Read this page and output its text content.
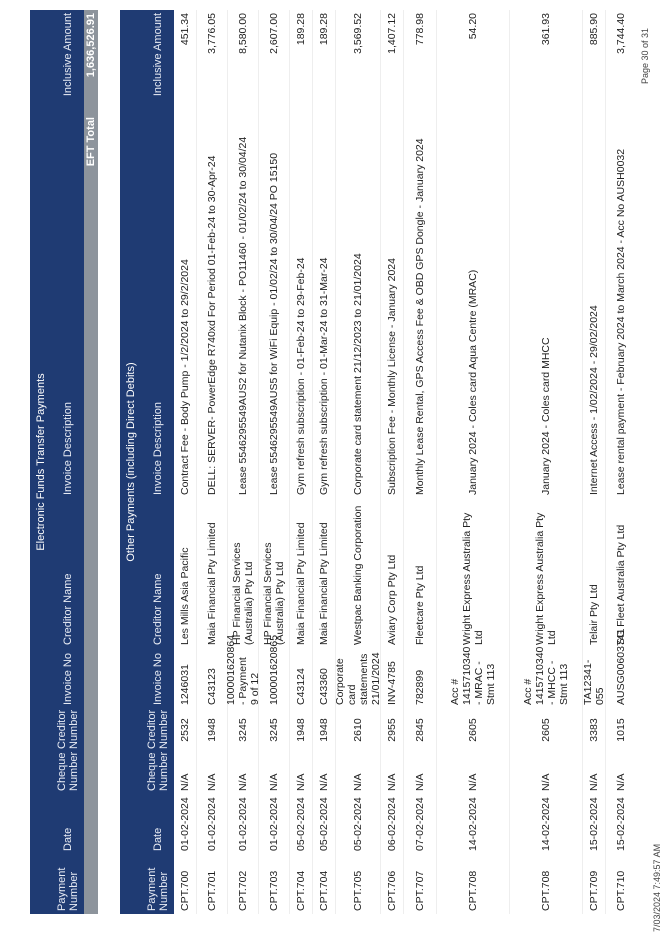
Electronic Funds Transfer Payments
Payment Number
Date
Cheque Number
Creditor Number
Invoice No
Creditor Name
Invoice Description
Inclusive Amount
EFT Total
1,636,526.91
Other Payments (including Direct Debits)
Payment Number
Date
Cheque Number
Creditor Number
Invoice No
Creditor Name
Invoice Description
Inclusive Amount
CPT.700
01-02-2024
N/A
2532
1246031
Les Mills Asia Pacific
Contract Fee - Body Pump - 1/2/2024 to 29/2/2024
451.34
CPT.701
01-02-2024
N/A
1948
C43123
Maia Financial Pty Limited
DELL: SERVER- PowerEdge R740xd For Period 01-Feb-24 to 30-Apr-24
3,776.05
CPT.702
01-02-2024
N/A
3245
100001620864 - Payment 9 of 12
HP Financial Services (Australia) Pty Ltd
Lease 5546295549AUS2 for Nutanix Block - PO11460 - 01/02/24 to 30/04/24
8,580.00
CPT.703
01-02-2024
N/A
3245
100001620865
HP Financial Services (Australia) Pty Ltd
Lease 5546295549AUS5 for WiFi Equip - 01/02/24 to 30/04/24 PO 15150
2,607.00
CPT.704
05-02-2024
N/A
1948
C43124
Maia Financial Pty Limited
Gym refresh subscription - 01-Feb-24 to 29-Feb-24
189.28
CPT.704
05-02-2024
N/A
1948
C43360
Maia Financial Pty Limited
Gym refresh subscription - 01-Mar-24 to 31-Mar-24
189.28
CPT.705
05-02-2024
N/A
2610
Corporate card statements 21/01/2024
Westpac Banking Corporation
Corporate card statement 21/12/2023 to 21/01/2024
3,569.52
CPT.706
06-02-2024
N/A
2955
INV-4785
Aviary Corp Pty Ltd
Subscription Fee - Monthly License - January 2024
1,407.12
CPT.707
07-02-2024
N/A
2845
782899
Fleetcare Pty Ltd
Monthly Lease Rental, GPS Access Fee & OBD GPS Dongle - January 2024
778.98
CPT.708
14-02-2024
N/A
2605
Acc # 1415710340 - MRAC - Stmt 113
Wright Express Australia Pty Ltd
January 2024 - Coles card Aqua Centre (MRAC)
54.20
CPT.708
14-02-2024
N/A
2605
Acc # 1415710340 - MHCC - Stmt 113
Wright Express Australia Pty Ltd
January 2024 - Coles card MHCC
361.93
CPT.709
15-02-2024
N/A
3383
TA12341-055
Telair Pty Ltd
Internet Access - 1/02/2024 - 29/02/2024
885.90
CPT.710
15-02-2024
N/A
1015
AUSG00603741
SG Fleet Australia Pty Ltd
Lease rental payment - February 2024 to March 2024 - Acc No AUSH0032
3,744.40
7/03/2024 7:49:57 AM
Page 30 of 31
